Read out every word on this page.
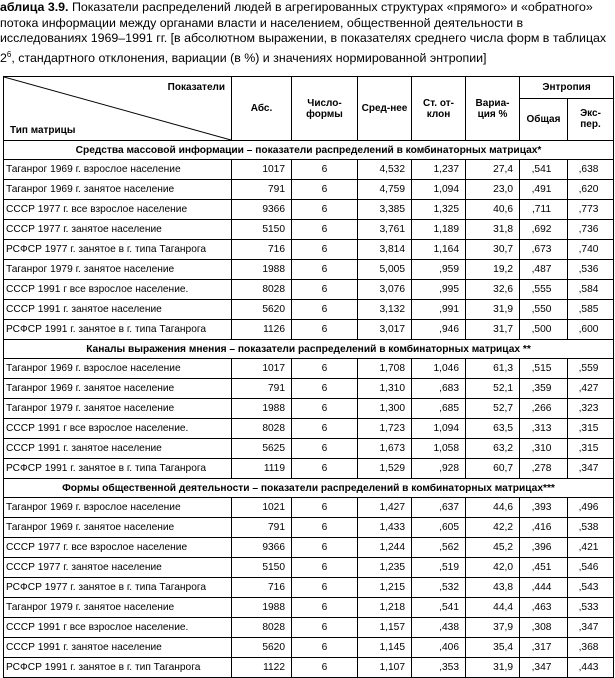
аблица 3.9. Показатели распределений людей в агрегированных структурах «прямого» и «обратного» потока информации между органами власти и населением, общественной деятельности в исследованиях 1969–1991 гг. [в абсолютном выражении, в показателях среднего числа форм в таблицах $2^6$, стандартного отклонения, вариации (в %) и значениях нормированной энтропии]
Показатели
Тип матрицы	Абс.	Число-формы	Сред-нее	Ст. от-клон	Вариа-ция %	Энтропия	
						Общая	Экс-пер.
Средства массовой информации – показатели распределений в комбинаторных матрицах*							
Таганрог 1969 г. взрослое население	1017	6	4,532	1,237	27,4	,541	,638
Таганрог 1969 г. занятое население	791	6	4,759	1,094	23,0	,491	,620
СССР 1977 г. все взрослое население	9366	6	3,385	1,325	40,6	,711	,773
СССР 1977 г. занятое население	5150	6	3,761	1,189	31,8	,692	,736
РСФСР 1977 г. занятое в г. типа Таганрога	716	6	3,814	1,164	30,7	,673	,740
Таганрог 1979 г. занятое население	1988	6	5,005	,959	19,2	,487	,536
СССР 1991 г все взрослое население.	8028	6	3,076	,995	32,6	,555	,584
СССР 1991 г. занятое население	5620	6	3,132	,991	31,9	,550	,585
РСФСР 1991 г. занятое в г. типа Таганрога	1126	6	3,017	,946	31,7	,500	,600
Каналы выражения мнения – показатели распределений в комбинаторных матрицах **							
Таганрог 1969 г. взрослое население	1017	6	1,708	1,046	61,3	,515	,559
Таганрог 1969 г. занятое население	791	6	1,310	,683	52,1	,359	,427
Таганрог 1979 г. занятое население	1988	6	1,300	,685	52,7	,266	,323
СССР 1991 г все взрослое население.	8028	6	1,723	1,094	63,5	,313	,315
СССР 1991 г. занятое население	5625	6	1,673	1,058	63,2	,310	,315
РСФСР 1991 г. занятое в г. типа Таганрога	1119	6	1,529	,928	60,7	,278	,347
Формы общественной деятельности – показатели распределений в комбинаторных матрицах***							
Таганрог 1969 г. взрослое население	1021	6	1,427	,637	44,6	,393	,496
Таганрог 1969 г. занятое население	791	6	1,433	,605	42,2	,416	,538
СССР 1977 г. все взрослое население	9366	6	1,244	,562	45,2	,396	,421
СССР 1977 г. занятое население	5150	6	1,235	,519	42,0	,451	,546
РСФСР 1977 г. занятое в г. типа Таганрога	716	6	1,215	,532	43,8	,444	,543
Таганрог 1979 г. занятое население	1988	6	1,218	,541	44,4	,463	,533
СССР 1991 г все взрослое население.	8028	6	1,157	,438	37,9	,308	,347
СССР 1991 г. занятое население	5620	6	1,145	,406	35,4	,317	,368
РСФСР 1991 г. занятое в г. тип Таганрога	1122	6	1,107	,353	31,9	,347	,443
